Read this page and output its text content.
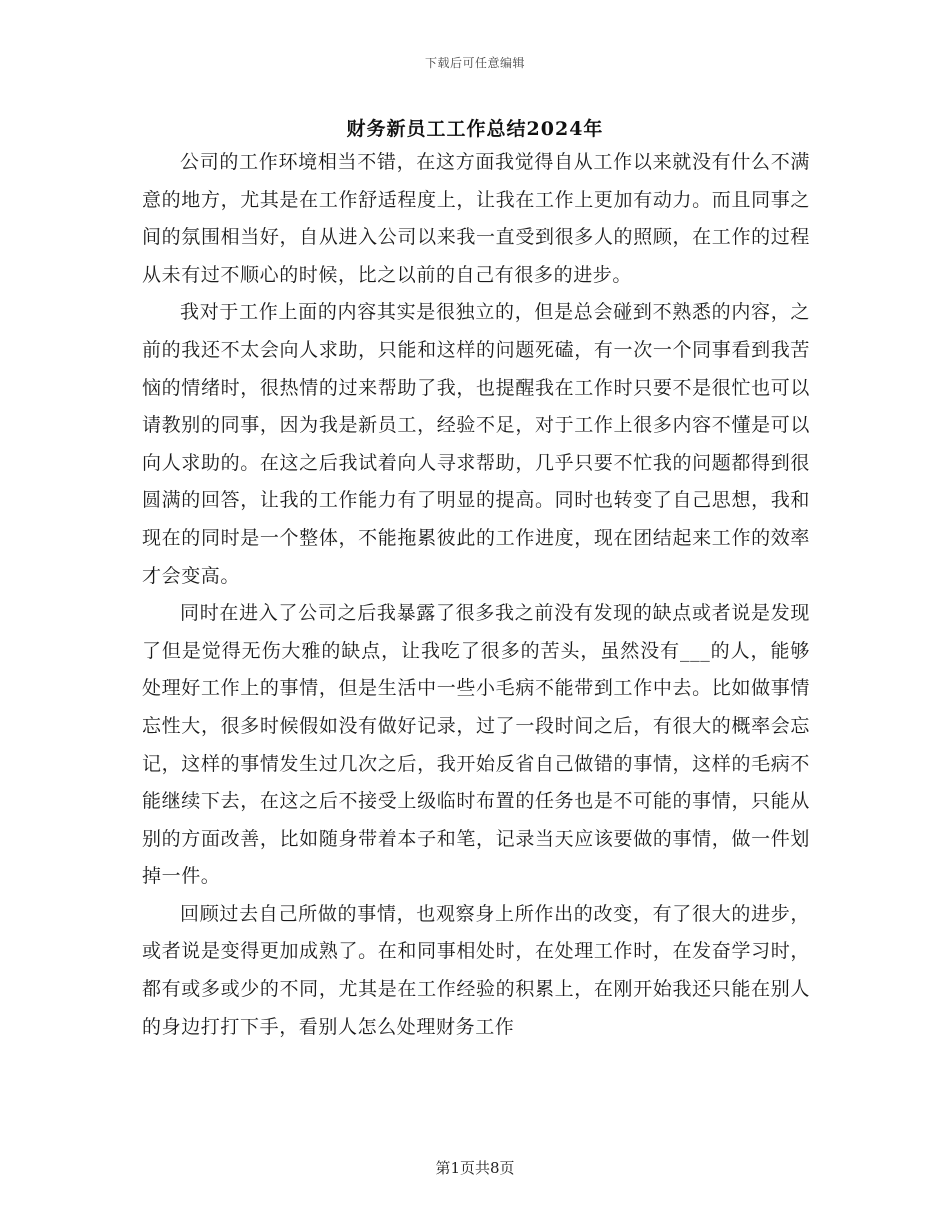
下载后可任意编辑
财务新员工工作总结2024年

公司的工作环境相当不错，在这方面我觉得自从工作以来就没有什么不满意的地方，尤其是在工作舒适程度上，让我在工作上更加有动力。而且同事之间的氛围相当好，自从进入公司以来我一直受到很多人的照顾，在工作的过程从未有过不顺心的时候，比之以前的自己有很多的进步。

我对于工作上面的内容其实是很独立的，但是总会碰到不熟悉的内容，之前的我还不太会向人求助，只能和这样的问题死磕，有一次一个同事看到我苦恼的情绪时，很热情的过来帮助了我，也提醒我在工作时只要不是很忙也可以请教别的同事，因为我是新员工，经验不足，对于工作上很多内容不懂是可以向人求助的。在这之后我试着向人寻求帮助，几乎只要不忙我的问题都得到很圆满的回答，让我的工作能力有了明显的提高。同时也转变了自己思想，我和现在的同时是一个整体，不能拖累彼此的工作进度，现在团结起来工作的效率才会变高。

同时在进入了公司之后我暴露了很多我之前没有发现的缺点或者说是发现了但是觉得无伤大雅的缺点，让我吃了很多的苦头，虽然没有___的人，能够处理好工作上的事情，但是生活中一些小毛病不能带到工作中去。比如做事情忘性大，很多时候假如没有做好记录，过了一段时间之后，有很大的概率会忘记，这样的事情发生过几次之后，我开始反省自己做错的事情，这样的毛病不能继续下去，在这之后不接受上级临时布置的任务也是不可能的事情，只能从别的方面改善，比如随身带着本子和笔，记录当天应该要做的事情，做一件划掉一件。

回顾过去自己所做的事情，也观察身上所作出的改变，有了很大的进步，或者说是变得更加成熟了。在和同事相处时，在处理工作时，在发奋学习时，都有或多或少的不同，尤其是在工作经验的积累上，在刚开始我还只能在别人的身边打打下手，看别人怎么处理财务工作

第1页共8页
